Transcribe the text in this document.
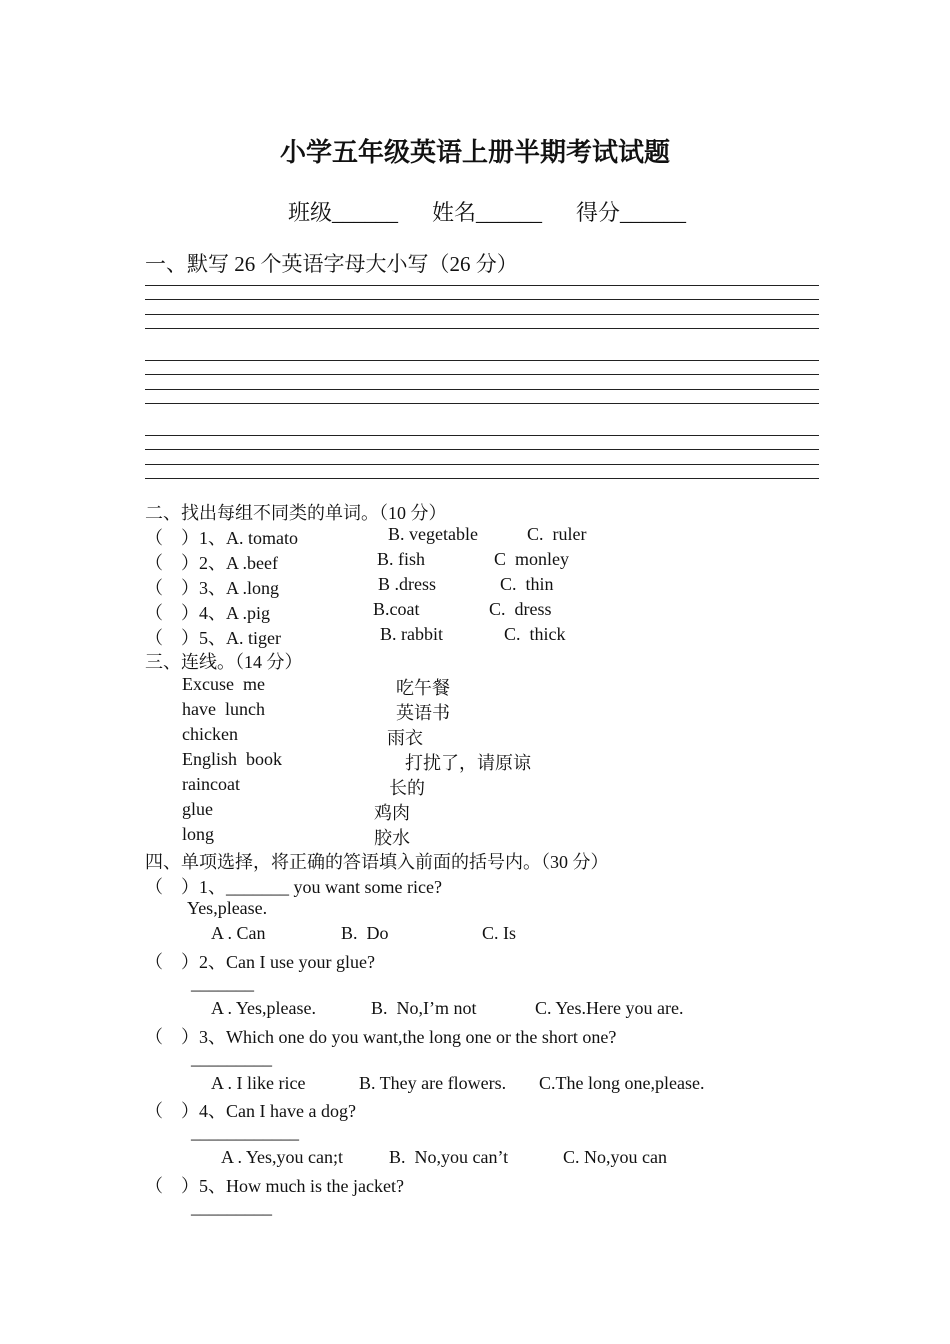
小学五年级英语上册半期考试试题
班级______ 姓名______ 得分______
一、默写 26 个英语字母大小写（26 分）
二、找出每组不同类的单词。（10 分）
（　）1、A. tomato	B. vegetable	C.  ruler
（　）2、A .beef	B. fish	C  monley
（　）3、A .long	B .dress	C.  thin
（　）4、A .pig	B.coat	C.  dress
（　）5、A. tiger	B. rabbit	C.  thick
三、连线。（14 分）
Excuse  me
have  lunch
chicken
English  book
raincoat
glue
long
吃午餐
英语书
雨衣
打扰了，请原谅
长的
鸡肉
胶水
四、单项选择，将正确的答语填入前面的括号内。（30 分）
（　）1、_______ you want some rice?
Yes,please.
A . Can	B.  Do	C. Is
（　）2、Can I use your glue?
_______
A . Yes,please.	B.  No,I’m not	C. Yes.Here you are.
（　）3、Which one do you want,the long one or the short one?
_________
A . I like rice	B. They are flowers. C.The long one,please.
（　）4、Can I have a dog?
____________
A . Yes,you can;t	B.  No,you can’t	C. No,you can
（　）5、How much is the jacket?
_________
